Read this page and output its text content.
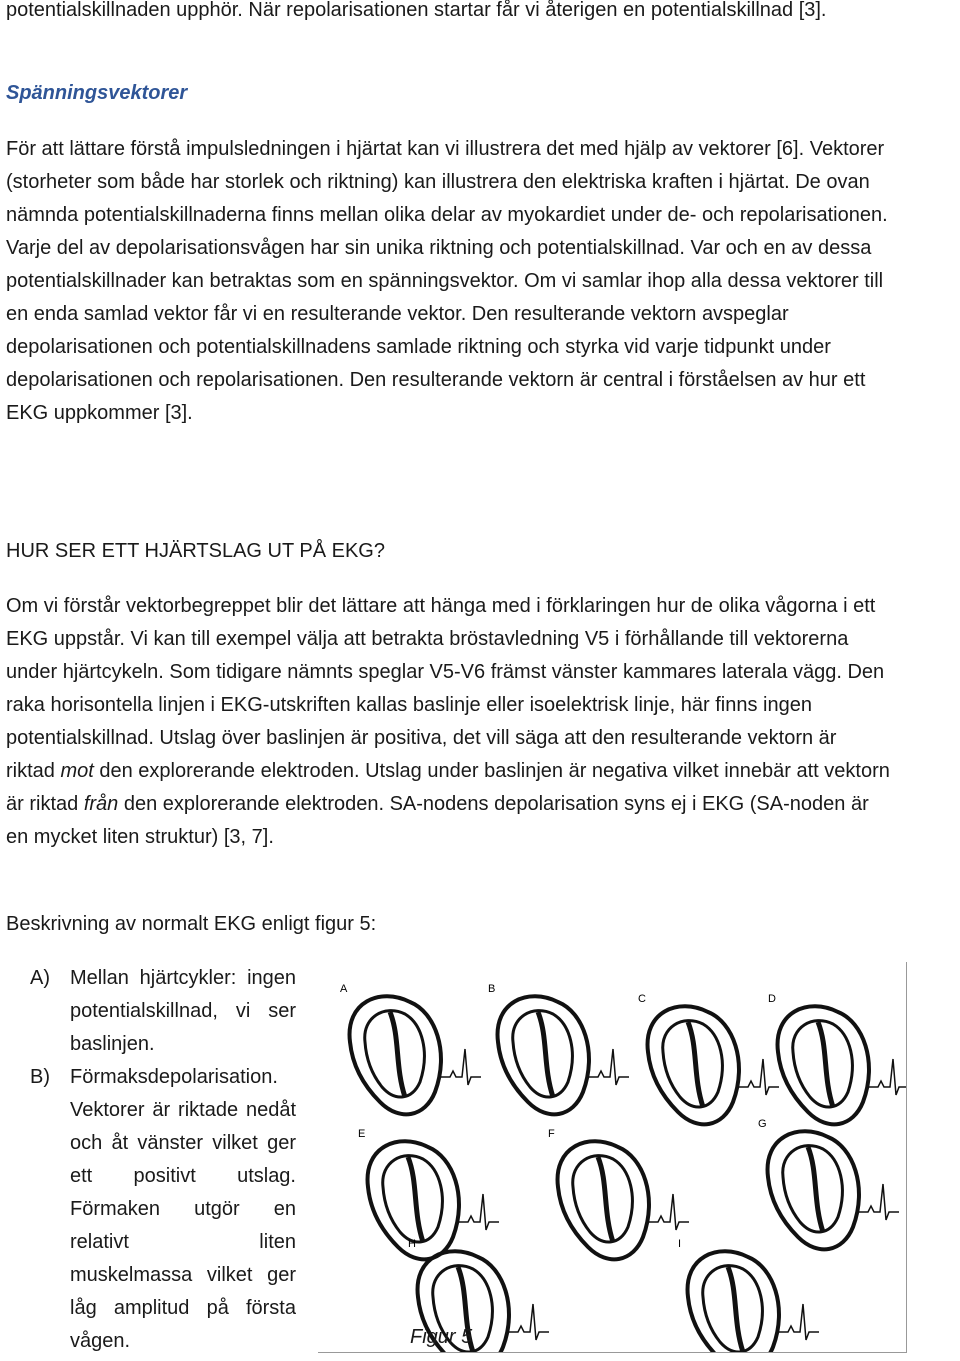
potentialskillnaden upphör. När repolarisationen startar får vi återigen en potentialskillnad [3].

Spänningsvektorer

För att lättare förstå impulsledningen i hjärtat kan vi illustrera det med hjälp av vektorer [6]. Vektorer (storheter som både har storlek och riktning) kan illustrera den elektriska kraften i hjärtat. De ovan nämnda potentialskillnaderna finns mellan olika delar av myokardiet under de- och repolarisationen. Varje del av depolarisationsvågen har sin unika riktning och potentialskillnad. Var och en av dessa potentialskillnader kan betraktas som en spänningsvektor. Om vi samlar ihop alla dessa vektorer till en enda samlad vektor får vi en resulterande vektor. Den resulterande vektorn avspeglar depolarisationen och potentialskillnadens samlade riktning och styrka vid varje tidpunkt under depolarisationen och repolarisationen. Den resulterande vektorn är central i förståelsen av hur ett EKG uppkommer [3].

HUR SER ETT HJÄRTSLAG UT PÅ EKG?

Om vi förstår vektorbegreppet blir det lättare att hänga med i förklaringen hur de olika vågorna i ett EKG uppstår. Vi kan till exempel välja att betrakta bröstavledning V5 i förhållande till vektorerna under hjärtcykeln. Som tidigare nämnts speglar V5-V6 främst vänster kammares laterala vägg. Den raka horisontella linjen i EKG-utskriften kallas baslinje eller isoelektrisk linje, här finns ingen potentialskillnad. Utslag över baslinjen är positiva, det vill säga att den resulterande vektorn är riktad mot den explorerande elektroden. Utslag under baslinjen är negativa vilket innebär att vektorn är riktad från den explorerande elektroden. SA-nodens depolarisation syns ej i EKG (SA-noden är en mycket liten struktur) [3, 7].

Beskrivning av normalt EKG enligt figur 5:

A)	Mellan hjärtcykler: ingen potentialskillnad, vi ser baslinjen.
B)	Förmaksdepolarisation. Vektorer är riktade nedåt och åt vänster vilket ger ett positivt utslag. Förmaken utgör en relativt liten muskelmassa vilket ger låg amplitud på första vågen.
A	B
C	D
E	F
G
H	I
Figur 5
